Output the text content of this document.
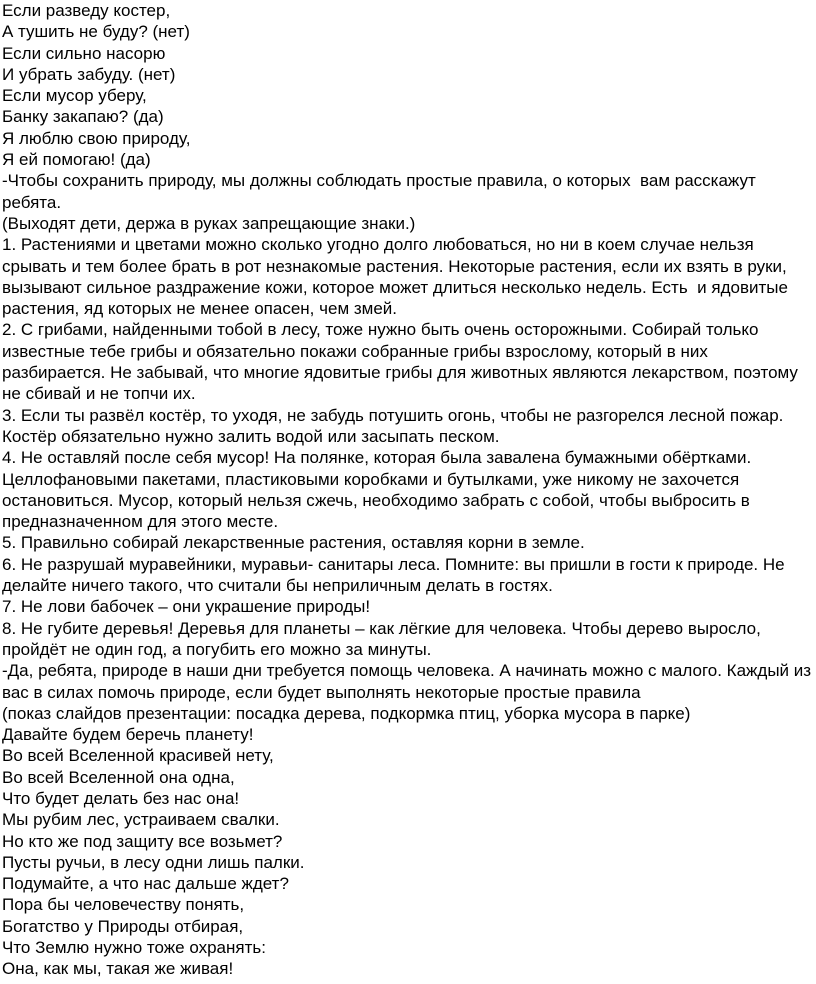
Если разведу костер,

А тушить не буду? (нет)

Если сильно насорю

И убрать забуду. (нет)

Если мусор уберу,

Банку закапаю? (да)

Я люблю свою природу,

Я ей помогаю! (да)

-Чтобы сохранить природу, мы должны соблюдать простые правила, о которых  вам расскажут ребята.

(Выходят дети, держа в руках запрещающие знаки.)

1. Растениями и цветами можно сколько угодно долго любоваться, но ни в коем случае нельзя срывать и тем более брать в рот незнакомые растения. Некоторые растения, если их взять в руки, вызывают сильное раздражение кожи, которое может длиться несколько недель. Есть  и ядовитые растения, яд которых не менее опасен, чем змей.

2. С грибами, найденными тобой в лесу, тоже нужно быть очень осторожными. Собирай только известные тебе грибы и обязательно покажи собранные грибы взрослому, который в них разбирается. Не забывай, что многие ядовитые грибы для животных являются лекарством, поэтому не сбивай и не топчи их.

3. Если ты развёл костёр, то уходя, не забудь потушить огонь, чтобы не разгорелся лесной пожар. Костёр обязательно нужно залить водой или засыпать песком.

4. Не оставляй после себя мусор! На полянке, которая была завалена бумажными обёртками. Целлофановыми пакетами, пластиковыми коробками и бутылками, уже никому не захочется остановиться. Мусор, который нельзя сжечь, необходимо забрать с собой, чтобы выбросить в предназначенном для этого месте.

5. Правильно собирай лекарственные растения, оставляя корни в земле.

6. Не разрушай муравейники, муравьи- санитары леса. Помните: вы пришли в гости к природе. Не делайте ничего такого, что считали бы неприличным делать в гостях.

7. Не лови бабочек – они украшение природы!

8. Не губите деревья! Деревья для планеты – как лёгкие для человека. Чтобы дерево выросло, пройдёт не один год, а погубить его можно за минуты.

-Да, ребята, природе в наши дни требуется помощь человека. А начинать можно с малого. Каждый из вас в силах помочь природе, если будет выполнять некоторые простые правила

(показ слайдов презентации: посадка дерева, подкормка птиц, уборка мусора в парке)

Давайте будем беречь планету!

Во всей Вселенной красивей нету,

Во всей Вселенной она одна,

Что будет делать без нас она!

Мы рубим лес, устраиваем свалки.

Но кто же под защиту все возьмет?

Пусты ручьи, в лесу одни лишь палки.

Подумайте, а что нас дальше ждет?

Пора бы человечеству понять,

Богатство у Природы отбирая,

Что Землю нужно тоже охранять:

Она, как мы, такая же живая!
